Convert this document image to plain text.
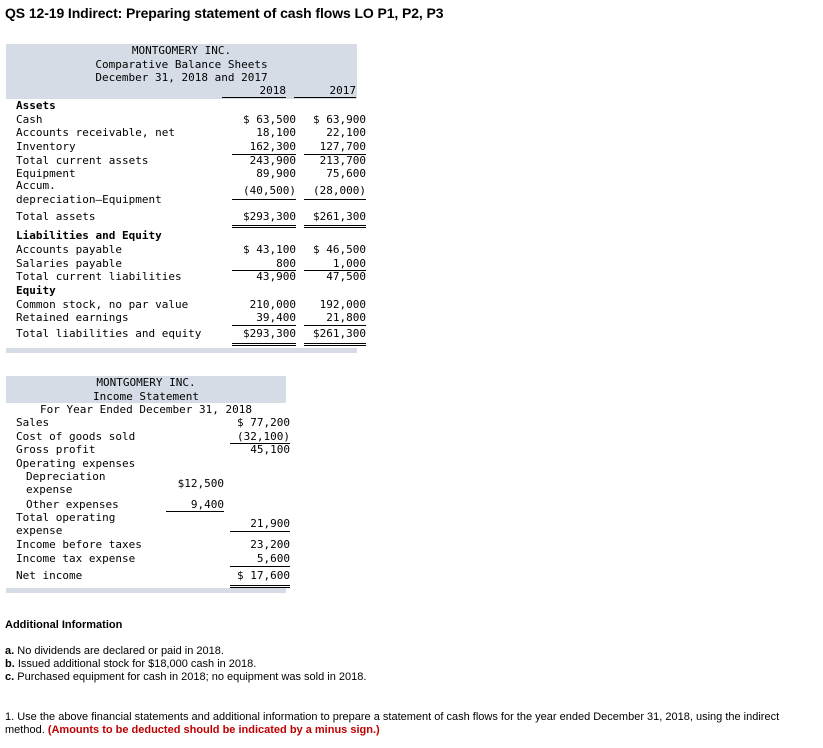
QS 12-19 Indirect: Preparing statement of cash flows LO P1, P2, P3
MONTGOMERY INC.
Comparative Balance Sheets
December 31, 2018 and 2017
2018	2017
Assets
Cash	$ 63,500	$ 63,900
Accounts receivable, net	18,100	22,100
Inventory	162,300	127,700
Total current assets	243,900	213,700
Equipment	89,900	75,600
Accum.
depreciation—Equipment
(40,500)	(28,000)
Total assets	$293,300	$261,300
Liabilities and Equity
Accounts payable	$ 43,100	$ 46,500
Salaries payable	800	1,000
Total current liabilities	43,900	47,500
Equity
Common stock, no par value	210,000	192,000
Retained earnings	39,400	21,800
Total liabilities and equity	$293,300	$261,300
MONTGOMERY INC.
Income Statement
For Year Ended December 31, 2018
Sales	$ 77,200
Cost of goods sold	(32,100)
Gross profit	45,100
Operating expenses
Depreciation
expense	$12,500
Other expenses	9,400
Total operating
expense
21,900
Income before taxes	23,200
Income tax expense	5,600
Net income	$ 17,600
Additional Information
a. No dividends are declared or paid in 2018.
b. Issued additional stock for $18,000 cash in 2018.
c. Purchased equipment for cash in 2018; no equipment was sold in 2018.
1. Use the above financial statements and additional information to prepare a statement of cash flows for the year ended December 31, 2018, using the indirect method. (Amounts to be deducted should be indicated by a minus sign.)
